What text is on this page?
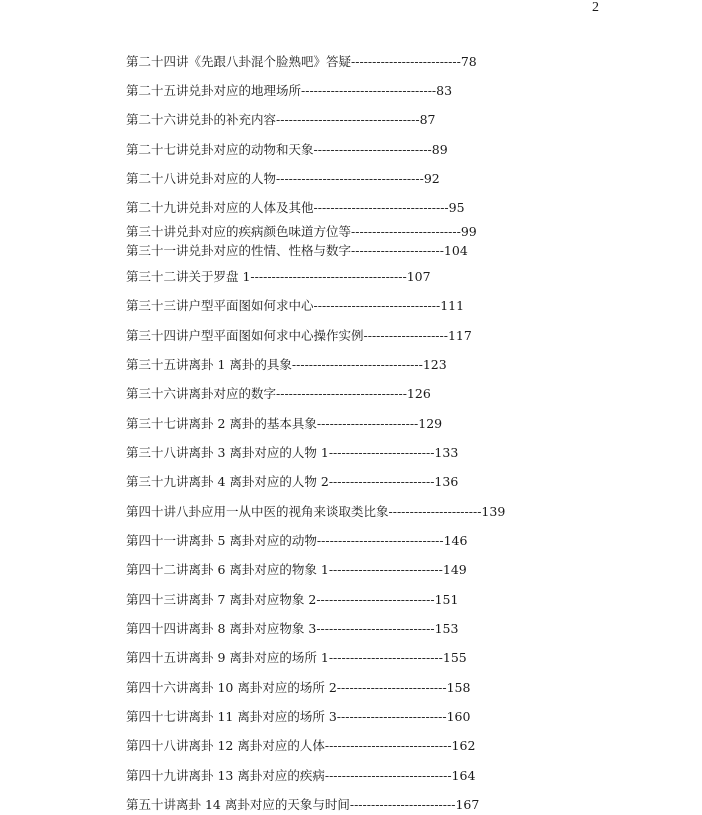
2
第二十四讲《先跟八卦混个脸熟吧》答疑--------------------------78
第二十五讲兑卦对应的地理场所--------------------------------83
第二十六讲兑卦的补充内容----------------------------------87
第二十七讲兑卦对应的动物和天象----------------------------89
第二十八讲兑卦对应的人物-----------------------------------92
第二十九讲兑卦对应的人体及其他--------------------------------95
第三十讲兑卦对应的疾病颜色味道方位等--------------------------99
第三十一讲兑卦对应的性情、性格与数字----------------------104
第三十二讲关于罗盘 1-------------------------------------107
第三十三讲户型平面图如何求中心------------------------------111
第三十四讲户型平面图如何求中心操作实例--------------------117
第三十五讲离卦 1 离卦的具象-------------------------------123
第三十六讲离卦对应的数字-------------------------------126
第三十七讲离卦 2 离卦的基本具象------------------------129
第三十八讲离卦 3 离卦对应的人物 1-------------------------133
第三十九讲离卦 4 离卦对应的人物 2-------------------------136
第四十讲八卦应用一从中医的视角来谈取类比象----------------------139
第四十一讲离卦 5 离卦对应的动物------------------------------146
第四十二讲离卦 6 离卦对应的物象 1---------------------------149
第四十三讲离卦 7 离卦对应物象 2----------------------------151
第四十四讲离卦 8 离卦对应物象 3----------------------------153
第四十五讲离卦 9 离卦对应的场所 1---------------------------155
第四十六讲离卦 10 离卦对应的场所 2--------------------------158
第四十七讲离卦 11 离卦对应的场所 3--------------------------160
第四十八讲离卦 12 离卦对应的人体------------------------------162
第四十九讲离卦 13 离卦对应的疾病------------------------------164
第五十讲离卦 14 离卦对应的天象与时间-------------------------167
